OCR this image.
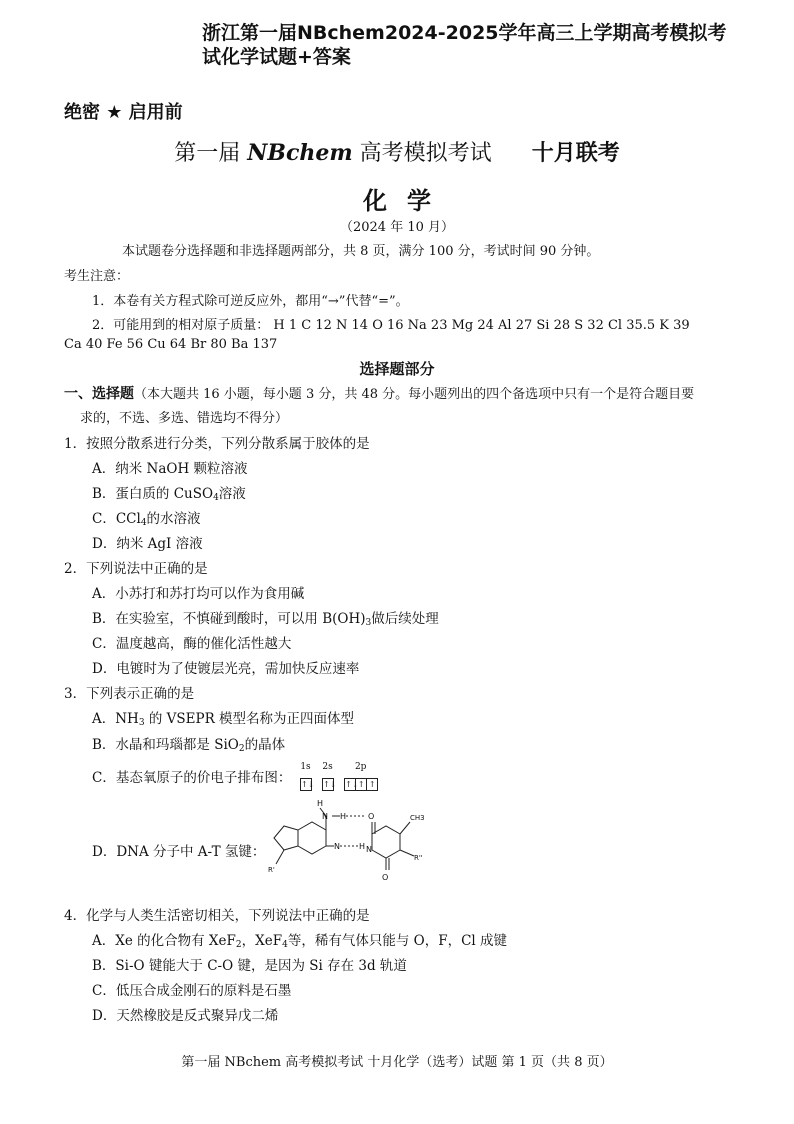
浙江第一届NBchem2024-2025学年高三上学期高考模拟考
试化学试题+答案
绝密 ★ 启用前
第一届 NBchem 高考模拟考试 十月联考
化学
（2024 年 10 月）
本试题卷分选择题和非选择题两部分，共 8 页，满分 100 分，考试时间 90 分钟。
考生注意：
1．本卷有关方程式除可逆反应外，都用“→”代替“=”。
2．可能用到的相对原子质量： H 1 C 12 N 14 O 16 Na 23 Mg 24 Al 27 Si 28 S 32 Cl 35.5 K 39
Ca 40 Fe 56 Cu 64 Br 80 Ba 137
选择题部分
一、选择题（本大题共 16 小题，每小题 3 分，共 48 分。每小题列出的四个备选项中只有一个是符合题目要
求的，不选、多选、错选均不得分）
1．按照分散系进行分类，下列分散系属于胶体的是
A．纳米 NaOH 颗粒溶液
B．蛋白质的 CuSO$_4$溶液
C．CCl$_4$的水溶液
D．纳米 AgI 溶液
2．下列说法中正确的是
A．小苏打和苏打均可以作为食用碱
B．在实验室，不慎碰到酸时，可以用 $B(OH)_3$做后续处理
C．温度越高，酶的催化活性越大
D．电镀时为了使镀层光亮，需加快反应速率
3．下列表示正确的是
A．$NH_3$ 的 VSEPR 模型名称为正四面体型
B．水晶和玛瑙都是 SiO$_2$的晶体
C．基态氧原子的价电子排布图：
1s
↑↓
2s
↑↓
2p
↑↓↑ ↑
D．DNA 分子中 A-T 氢键：
H
N H	O
N H N
O
CH3
R''
R'
4．化学与人类生活密切相关，下列说法中正确的是
A．Xe 的化合物有 XeF$_2$，XeF$_4$等，稀有气体只能与 O，F，Cl 成键
B．Si-O 键能大于 C-O 键，是因为 Si 存在 3d 轨道
C．低压合成金刚石的原料是石墨
D．天然橡胶是反式聚异戊二烯
第一届 NBchem 高考模拟考试 十月化学（选考）试题 第 1 页（共 8 页）
